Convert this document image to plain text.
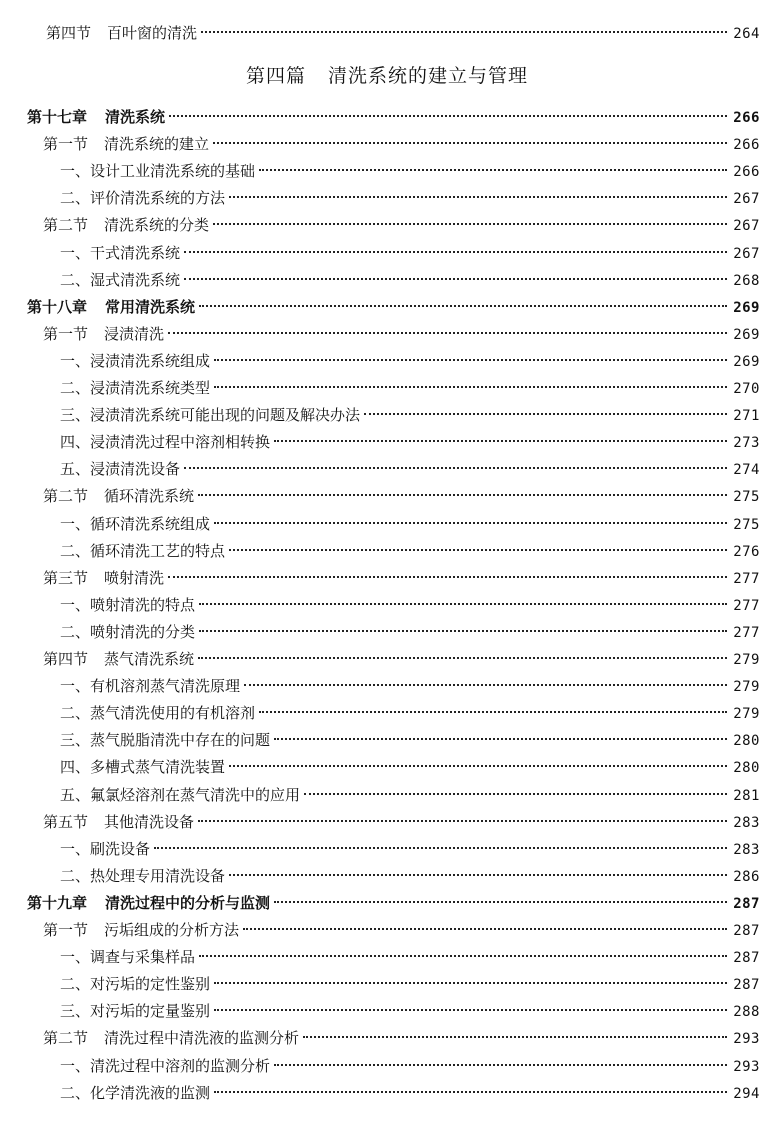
第四节 百叶窗的清洗	264
第四篇 清洗系统的建立与管理
第十七章 清洗系统	266
第一节 清洗系统的建立	266
一、设计工业清洗系统的基础	266
二、评价清洗系统的方法	267
第二节 清洗系统的分类	267
一、干式清洗系统	267
二、湿式清洗系统	268
第十八章 常用清洗系统	269
第一节 浸渍清洗	269
一、浸渍清洗系统组成	269
二、浸渍清洗系统类型	270
三、浸渍清洗系统可能出现的问题及解决办法	271
四、浸渍清洗过程中溶剂相转换	273
五、浸渍清洗设备	274
第二节 循环清洗系统	275
一、循环清洗系统组成	275
二、循环清洗工艺的特点	276
第三节 喷射清洗	277
一、喷射清洗的特点	277
二、喷射清洗的分类	277
第四节 蒸气清洗系统	279
一、有机溶剂蒸气清洗原理	279
二、蒸气清洗使用的有机溶剂	279
三、蒸气脱脂清洗中存在的问题	280
四、多槽式蒸气清洗装置	280
五、氟氯烃溶剂在蒸气清洗中的应用	281
第五节 其他清洗设备	283
一、刷洗设备	283
二、热处理专用清洗设备	286
第十九章 清洗过程中的分析与监测	287
第一节 污垢组成的分析方法	287
一、调查与采集样品	287
二、对污垢的定性鉴别	287
三、对污垢的定量鉴别	288
第二节 清洗过程中清洗液的监测分析	293
一、清洗过程中溶剂的监测分析	293
二、化学清洗液的监测	294
